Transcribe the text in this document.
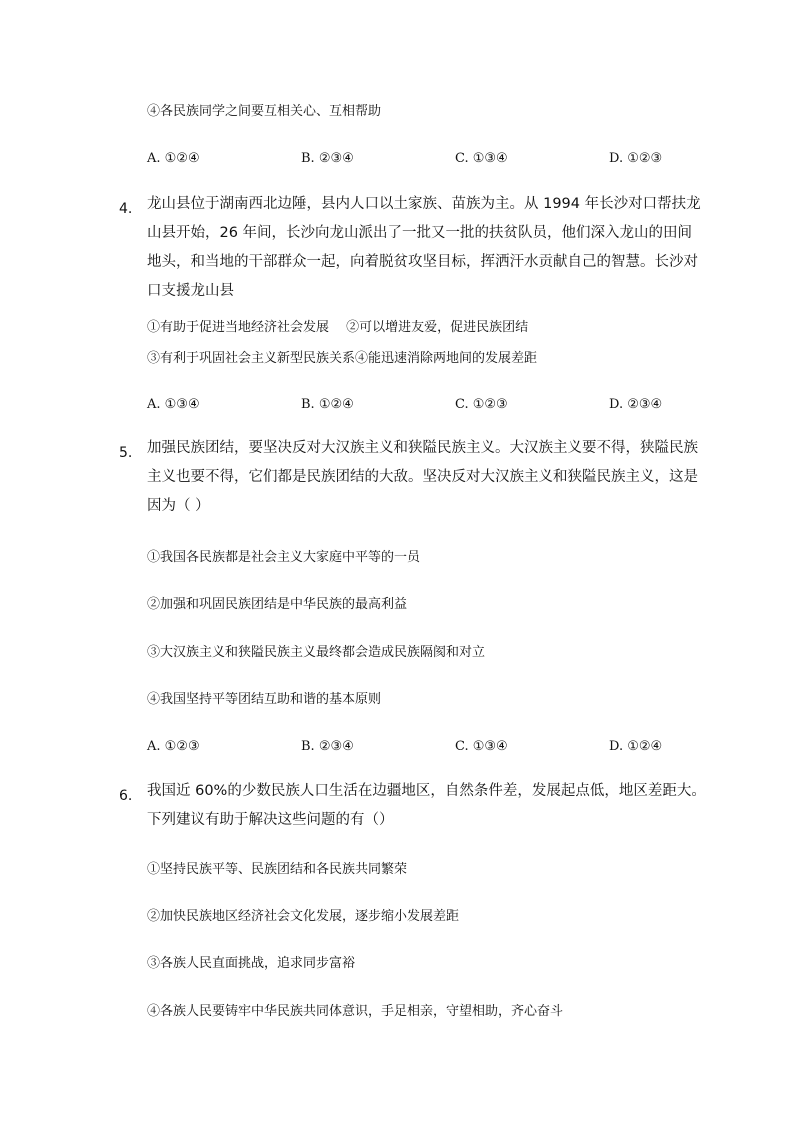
④各民族同学之间要互相关心、互相帮助
A. ①②④	B. ②③④	C. ①③④	D. ①②③
4. 龙山县位于湖南西北边陲，县内人口以土家族、苗族为主。从 1994 年长沙对口帮扶龙
山县开始，26 年间，长沙向龙山派出了一批又一批的扶贫队员，他们深入龙山的田间
地头，和当地的干部群众一起，向着脱贫攻坚目标，挥洒汗水贡献自己的智慧。长沙对
口支援龙山县
①有助于促进当地经济社会发展　 ②可以增进友爱，促进民族团结
③有利于巩固社会主义新型民族关系④能迅速消除两地间的发展差距
A. ①③④	B. ①②④	C. ①②③	D. ②③④
5. 加强民族团结，要坚决反对大汉族主义和狭隘民族主义。大汉族主义要不得，狭隘民族
主义也要不得，它们都是民族团结的大敌。坚决反对大汉族主义和狭隘民族主义，这是
因为（ ）
①我国各民族都是社会主义大家庭中平等的一员
②加强和巩固民族团结是中华民族的最高利益
③大汉族主义和狭隘民族主义最终都会造成民族隔阂和对立
④我国坚持平等团结互助和谐的基本原则
A. ①②③	B. ②③④	C. ①③④	D. ①②④
6. 我国近 60%的少数民族人口生活在边疆地区，自然条件差，发展起点低，地区差距大。
下列建议有助于解决这些问题的有（）
①坚持民族平等、民族团结和各民族共同繁荣
②加快民族地区经济社会文化发展，逐步缩小发展差距
③各族人民直面挑战，追求同步富裕
④各族人民要铸牢中华民族共同体意识，手足相亲，守望相助，齐心奋斗
